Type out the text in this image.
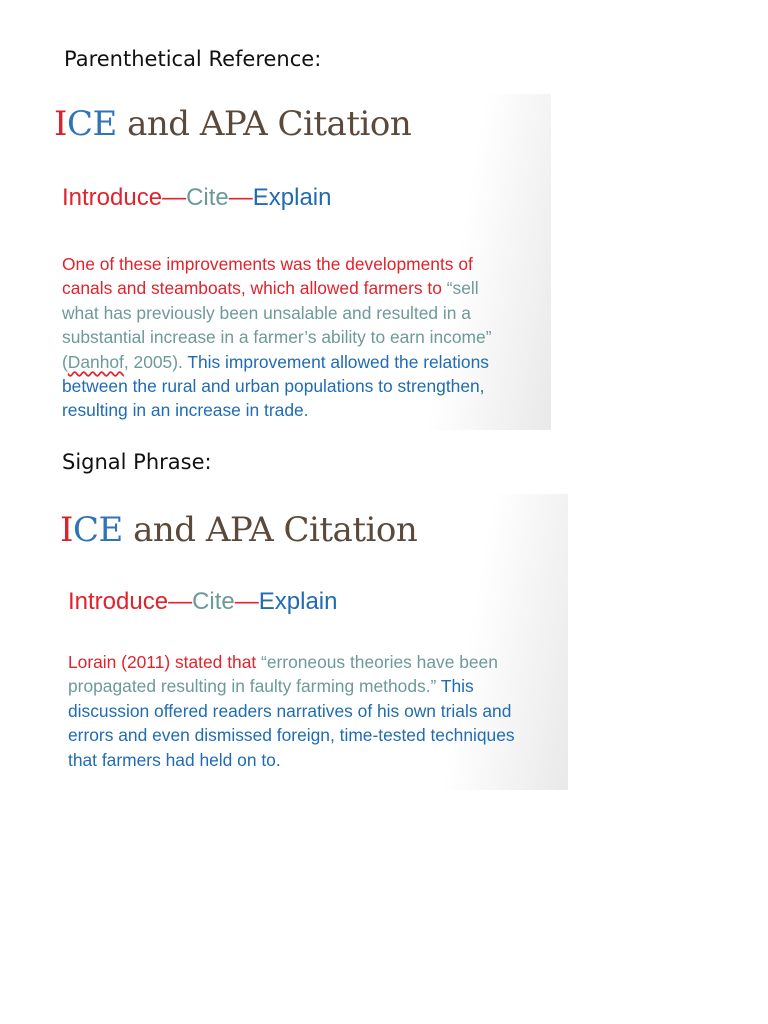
Parenthetical Reference:
ICE and APA Citation
Introduce—Cite—Explain
One of these improvements was the developments of
canals and steamboats, which allowed farmers to “sell
what has previously been unsalable and resulted in a
substantial increase in a farmer’s ability to earn income”
(Danhof, 2005). This improvement allowed the relations
between the rural and urban populations to strengthen,
resulting in an increase in trade.
Signal Phrase:
ICE and APA Citation
Introduce—Cite—Explain
Lorain (2011) stated that “erroneous theories have been
propagated resulting in faulty farming methods.” This
discussion offered readers narratives of his own trials and
errors and even dismissed foreign, time-tested techniques
that farmers had held on to.
